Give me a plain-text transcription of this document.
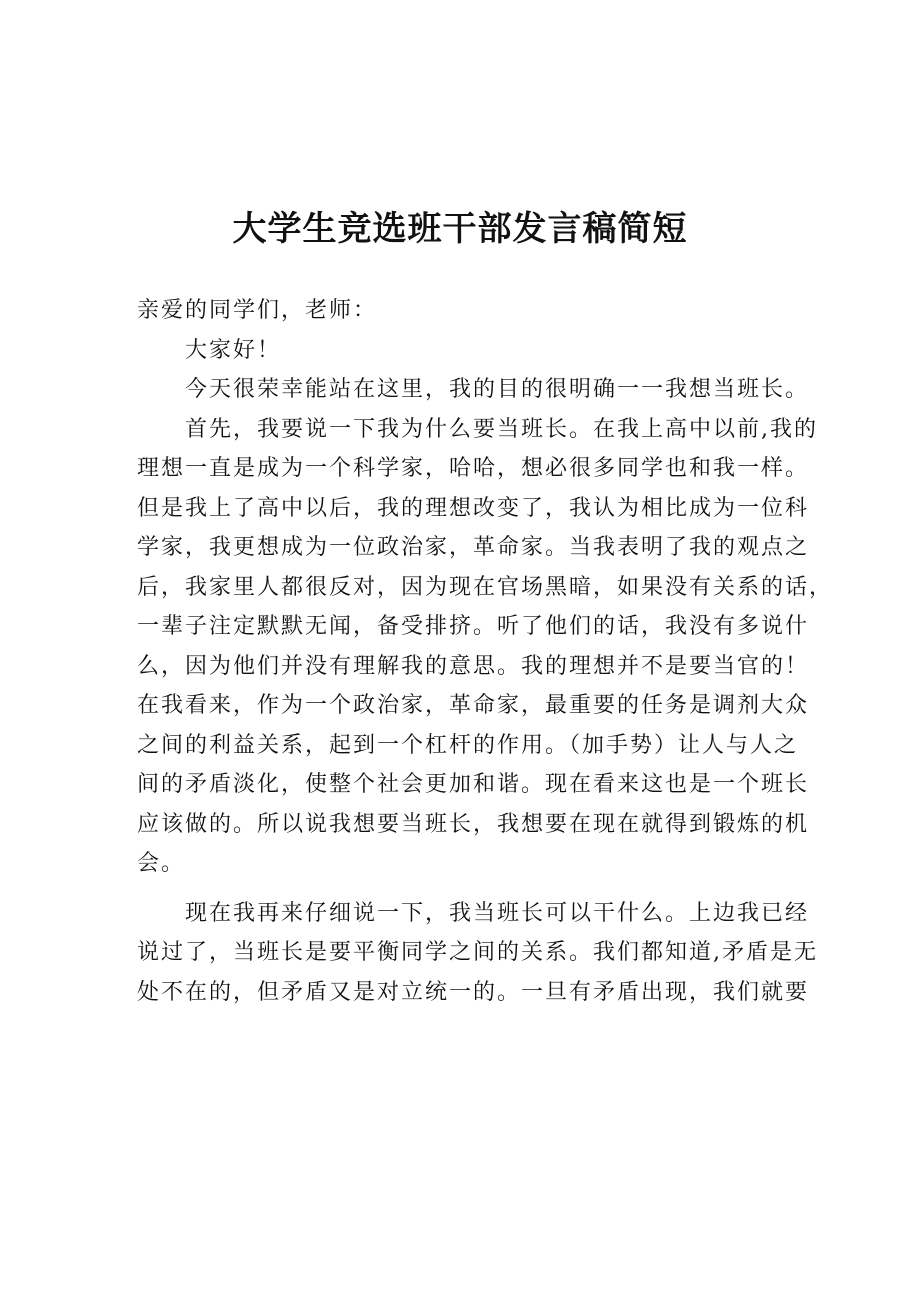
大学生竞选班干部发言稿简短
亲爱的同学们，老师：
大家好！
今天很荣幸能站在这里，我的目的很明确一一我想当班长。
首先，我要说一下我为什么要当班长。在我上高中以前,我的
理想一直是成为一个科学家，哈哈，想必很多同学也和我一样。
但是我上了高中以后，我的理想改变了，我认为相比成为一位科
学家，我更想成为一位政治家，革命家。当我表明了我的观点之
后，我家里人都很反对，因为现在官场黑暗，如果没有关系的话，
一辈子注定默默无闻，备受排挤。听了他们的话，我没有多说什
么，因为他们并没有理解我的意思。我的理想并不是要当官的！
在我看来，作为一个政治家，革命家，最重要的任务是调剂大众
之间的利益关系，起到一个杠杆的作用。（加手势）让人与人之
间的矛盾淡化，使整个社会更加和谐。现在看来这也是一个班长
应该做的。所以说我想要当班长，我想要在现在就得到锻炼的机
会。
现在我再来仔细说一下，我当班长可以干什么。上边我已经
说过了，当班长是要平衡同学之间的关系。我们都知道,矛盾是无
处不在的，但矛盾又是对立统一的。一旦有矛盾出现，我们就要
